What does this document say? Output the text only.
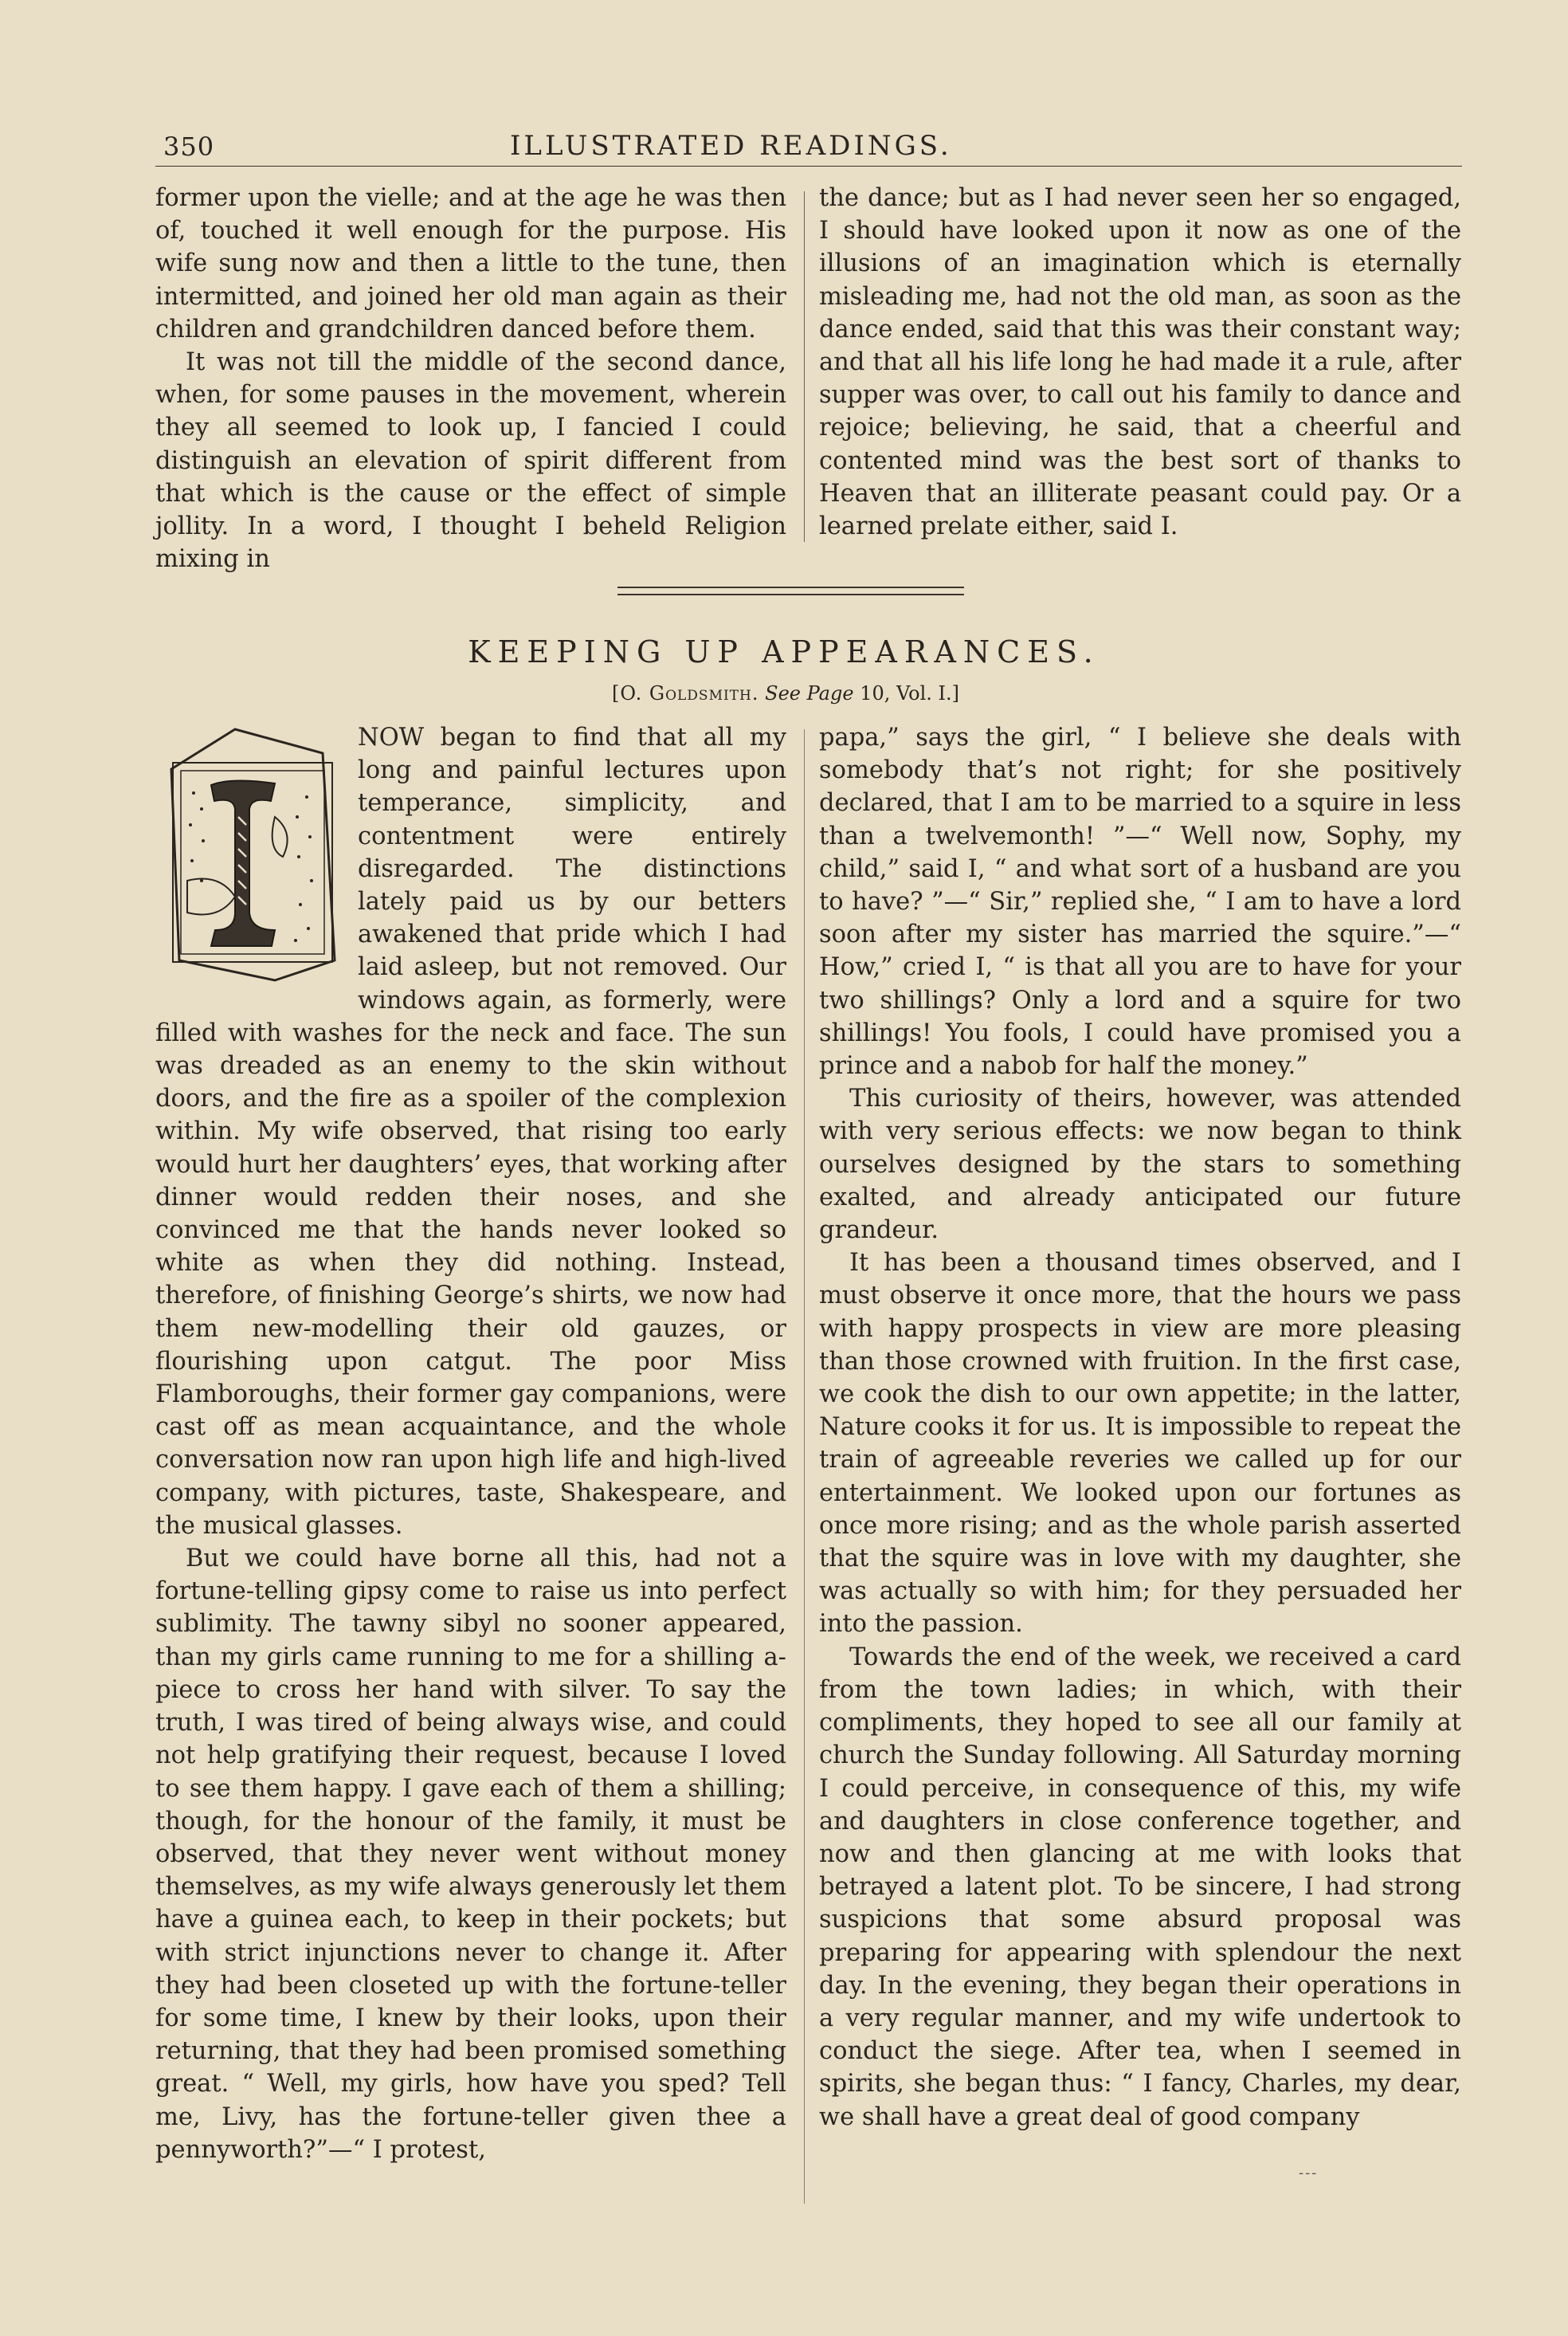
350	ILLUSTRATED READINGS.

former upon the vielle; and at the age he was then of, touched it well enough for the purpose. His wife sung now and then a little to the tune, then intermitted, and joined her old man again as their children and grandchildren danced before them.

It was not till the middle of the second dance, when, for some pauses in the movement, wherein they all seemed to look up, I fancied I could distinguish an elevation of spirit different from that which is the cause or the effect of simple jollity. In a word, I thought I beheld Religion mixing in

the dance; but as I had never seen her so engaged, I should have looked upon it now as one of the illusions of an imagination which is eternally misleading me, had not the old man, as soon as the dance ended, said that this was their constant way; and that all his life long he had made it a rule, after supper was over, to call out his family to dance and rejoice; believing, he said, that a cheerful and contented mind was the best sort of thanks to Heaven that an illiterate peasant could pay. Or a learned prelate either, said I.

KEEPING UP APPEARANCES.
[O. Goldsmith. See Page 10, Vol. I.]

NOW began to find that all my long and painful lectures upon temperance, simplicity, and contentment were entirely disregarded. The distinctions lately paid us by our betters awakened that pride which I had laid asleep, but not removed. Our windows again, as formerly, were filled with washes for the neck and face. The sun was dreaded as an enemy to the skin without doors, and the fire as a spoiler of the complexion within. My wife observed, that rising too early would hurt her daughters’ eyes, that working after dinner would redden their noses, and she convinced me that the hands never looked so white as when they did nothing. Instead, therefore, of finishing George’s shirts, we now had them new-modelling their old gauzes, or flourishing upon catgut. The poor Miss Flamboroughs, their former gay companions, were cast off as mean acquaintance, and the whole conversation now ran upon high life and high-lived company, with pictures, taste, Shakespeare, and the musical glasses.

But we could have borne all this, had not a fortune-telling gipsy come to raise us into perfect sublimity. The tawny sibyl no sooner appeared, than my girls came running to me for a shilling a-piece to cross her hand with silver. To say the truth, I was tired of being always wise, and could not help gratifying their request, because I loved to see them happy. I gave each of them a shilling; though, for the honour of the family, it must be observed, that they never went without money themselves, as my wife always generously let them have a guinea each, to keep in their pockets; but with strict injunctions never to change it. After they had been closeted up with the fortune-teller for some time, I knew by their looks, upon their returning, that they had been promised something great. “ Well, my girls, how have you sped? Tell me, Livy, has the fortune-teller given thee a pennyworth?”—“ I protest,

papa,” says the girl, “ I believe she deals with somebody that’s not right; for she positively declared, that I am to be married to a squire in less than a twelvemonth! ”—“ Well now, Sophy, my child,” said I, “ and what sort of a husband are you to have? ”—“ Sir,” replied she, “ I am to have a lord soon after my sister has married the squire.”—“ How,” cried I, “ is that all you are to have for your two shillings? Only a lord and a squire for two shillings! You fools, I could have promised you a prince and a nabob for half the money.”

This curiosity of theirs, however, was attended with very serious effects: we now began to think ourselves designed by the stars to something exalted, and already anticipated our future grandeur.

It has been a thousand times observed, and I must observe it once more, that the hours we pass with happy prospects in view are more pleasing than those crowned with fruition. In the first case, we cook the dish to our own appetite; in the latter, Nature cooks it for us. It is impossible to repeat the train of agreeable reveries we called up for our entertainment. We looked upon our fortunes as once more rising; and as the whole parish asserted that the squire was in love with my daughter, she was actually so with him; for they persuaded her into the passion.

Towards the end of the week, we received a card from the town ladies; in which, with their compliments, they hoped to see all our family at church the Sunday following. All Saturday morning I could perceive, in consequence of this, my wife and daughters in close conference together, and now and then glancing at me with looks that betrayed a latent plot. To be sincere, I had strong suspicions that some absurd proposal was preparing for appearing with splendour the next day. In the evening, they began their operations in a very regular manner, and my wife undertook to conduct the siege. After tea, when I seemed in spirits, she began thus: “ I fancy, Charles, my dear, we shall have a great deal of good company

---
